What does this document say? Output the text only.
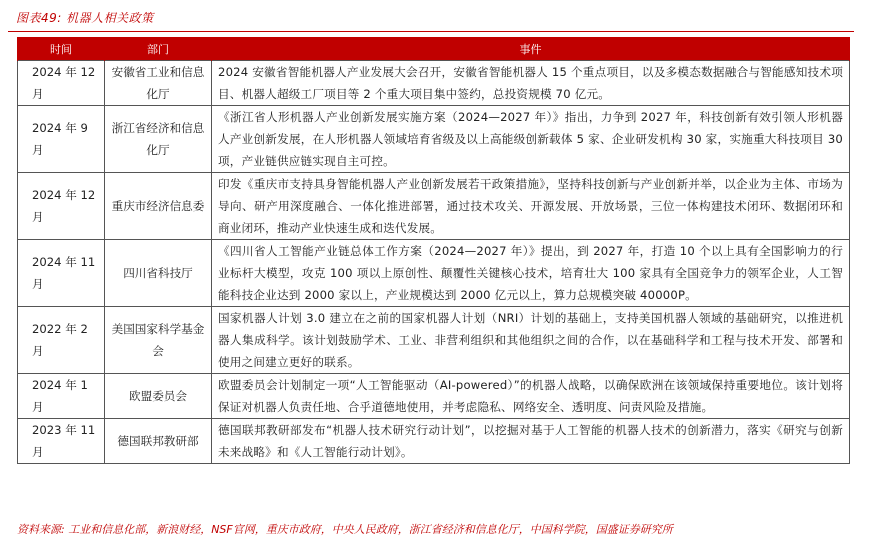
图表49: 机器人相关政策
时间	部门	事件
2024 年 12 月	安徽省工业和信息化厅	2024 安徽省智能机器人产业发展大会召开，安徽省智能机器人 15 个重点项目，以及多模态数据融合与智能感知技术项目、机器人超级工厂项目等 2 个重大项目集中签约，总投资规模 70 亿元。
2024 年 9 月	浙江省经济和信息化厅	《浙江省人形机器人产业创新发展实施方案（2024—2027 年）》指出，力争到 2027 年，科技创新有效引领人形机器人产业创新发展，在人形机器人领域培育省级及以上高能级创新载体 5 家、企业研发机构 30 家，实施重大科技项目 30 项，产业链供应链实现自主可控。
2024 年 12 月	重庆市经济信息委	印发《重庆市支持具身智能机器人产业创新发展若干政策措施》，坚持科技创新与产业创新并举，以企业为主体、市场为导向、研产用深度融合、一体化推进部署，通过技术攻关、开源发展、开放场景，三位一体构建技术闭环、数据闭环和商业闭环，推动产业快速生成和迭代发展。
2024 年 11 月	四川省科技厅	《四川省人工智能产业链总体工作方案（2024—2027 年）》提出，到 2027 年，打造 10 个以上具有全国影响力的行业标杆大模型，攻克 100 项以上原创性、颠覆性关键核心技术，培育壮大 100 家具有全国竞争力的领军企业，人工智能科技企业达到 2000 家以上，产业规模达到 2000 亿元以上，算力总规模突破 40000P。
2022 年 2 月	美国国家科学基金会	国家机器人计划 3.0 建立在之前的国家机器人计划（NRI）计划的基础上，支持美国机器人领域的基础研究，以推进机器人集成科学。该计划鼓励学术、工业、非营利组织和其他组织之间的合作，以在基础科学和工程与技术开发、部署和使用之间建立更好的联系。
2024 年 1 月	欧盟委员会	欧盟委员会计划制定一项“人工智能驱动（AI-powered）”的机器人战略，以确保欧洲在该领域保持重要地位。该计划将保证对机器人负责任地、合乎道德地使用，并考虑隐私、网络安全、透明度、问责风险及措施。
2023 年 11 月	德国联邦教研部	德国联邦教研部发布“机器人技术研究行动计划”，以挖掘对基于人工智能的机器人技术的创新潜力，落实《研究与创新未来战略》和《人工智能行动计划》。
资料来源: 工业和信息化部，新浪财经，NSF官网，重庆市政府，中央人民政府，浙江省经济和信息化厅，中国科学院，国盛证券研究所
